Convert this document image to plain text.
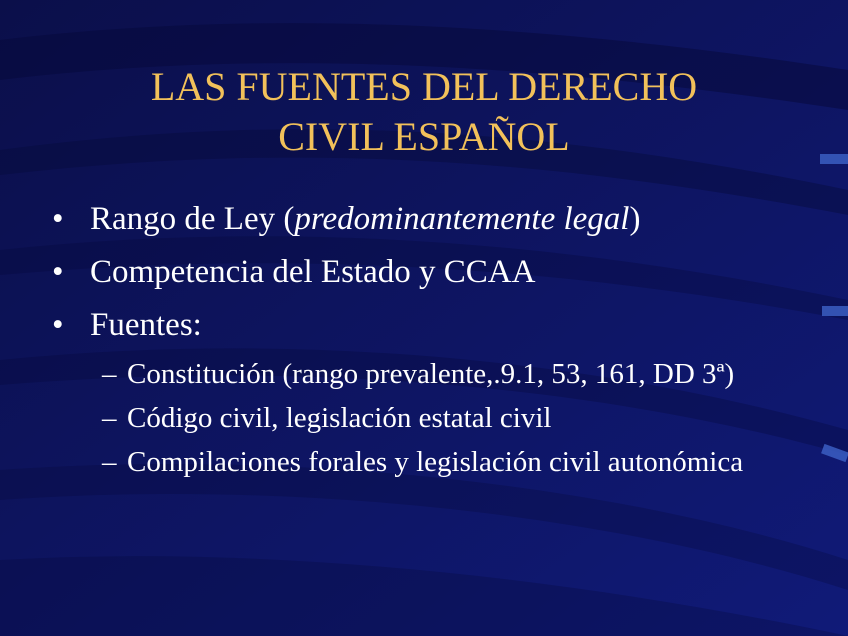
LAS FUENTES DEL DERECHO
CIVIL ESPAÑOL
• Rango de Ley (predominantemente legal)
• Competencia del Estado y CCAA
• Fuentes:
– Constitución (rango prevalente,.9.1, 53, 161, DD 3ª)
– Código civil, legislación estatal civil
– Compilaciones forales y legislación civil autonómica
